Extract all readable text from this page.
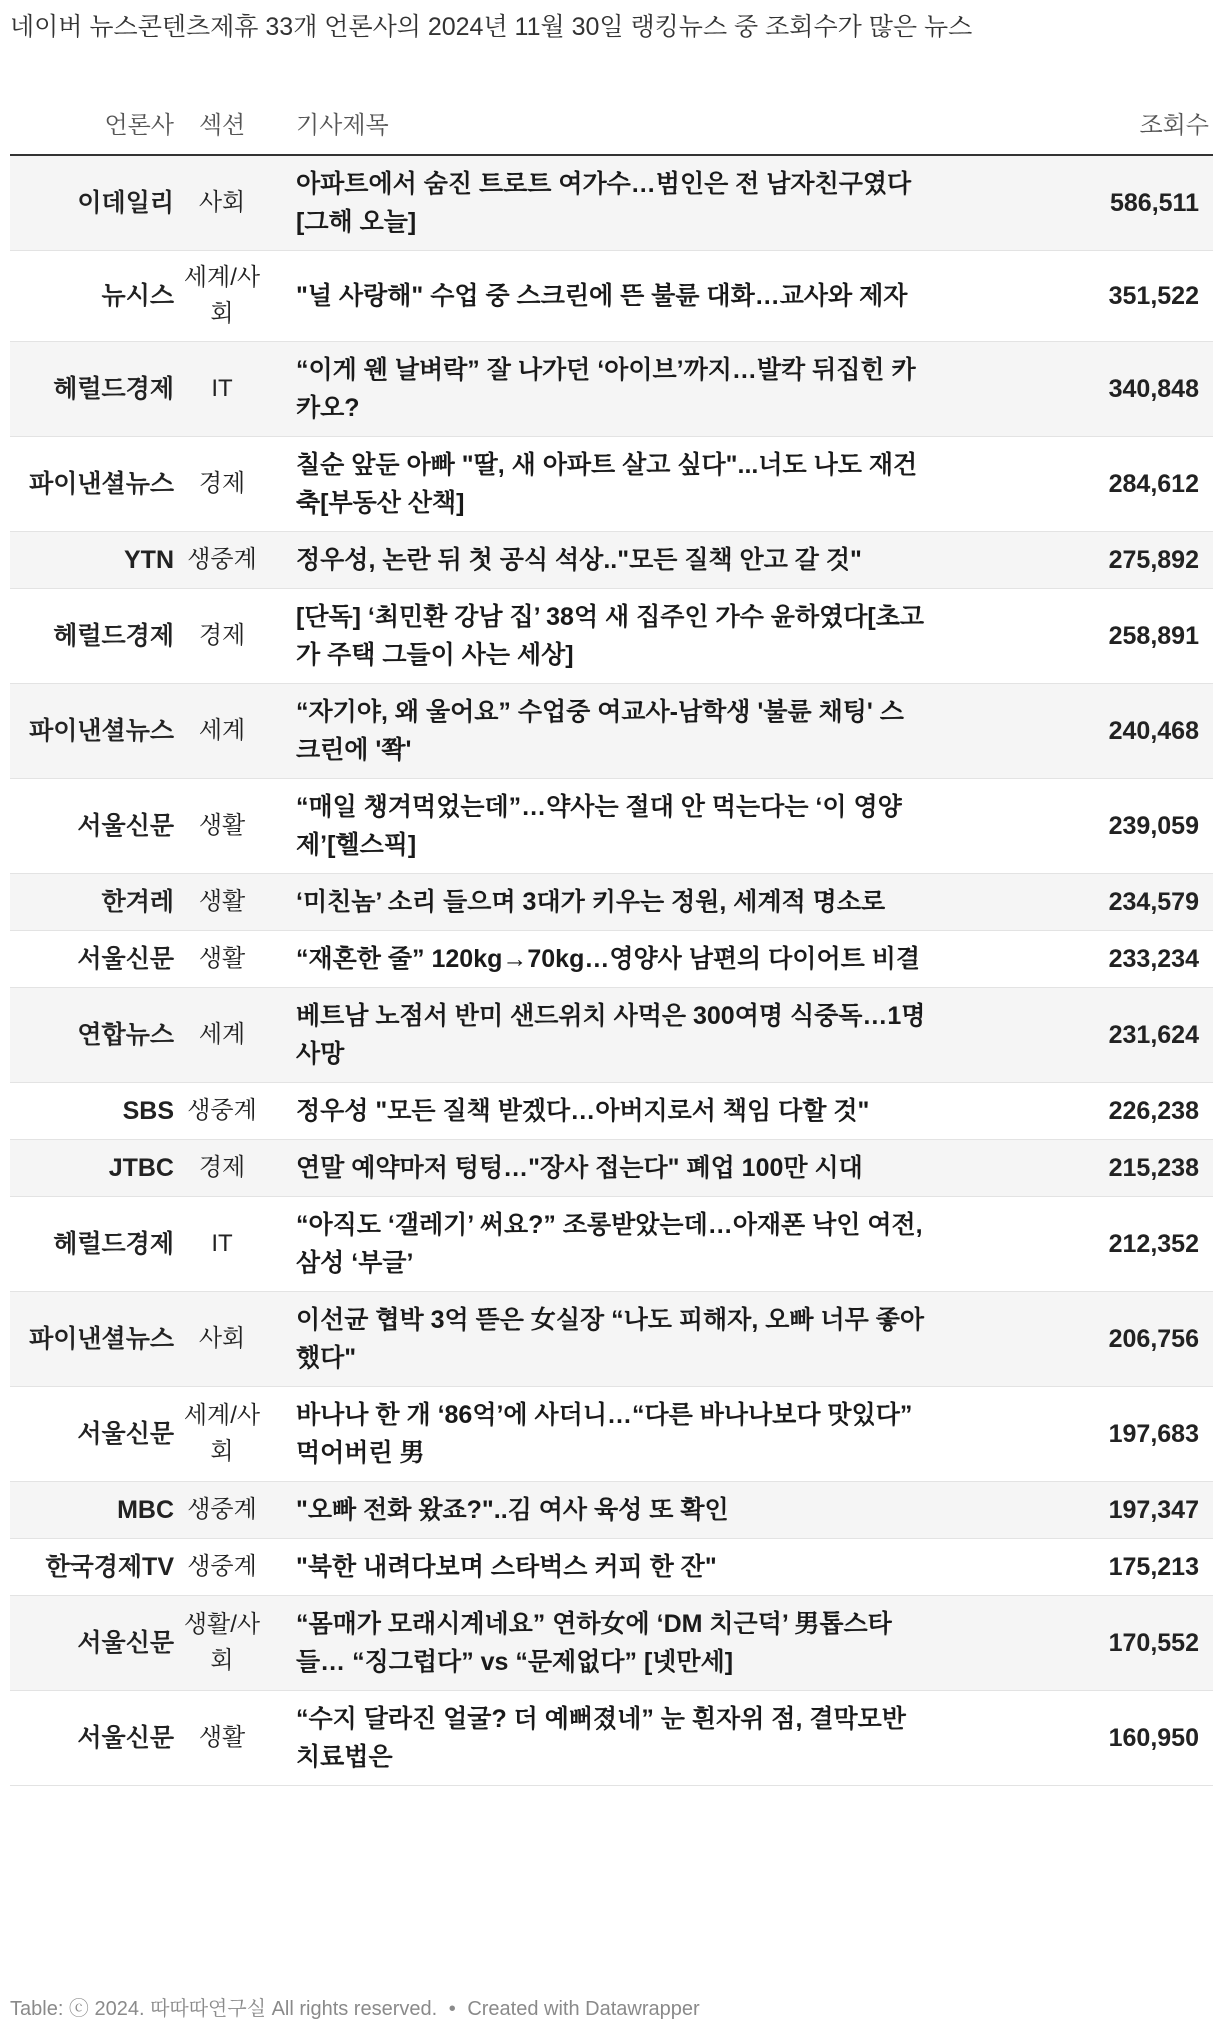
네이버 뉴스콘텐츠제휴 33개 언론사의 2024년 11월 30일 랭킹뉴스 중 조회수가 많은 뉴스
언론사	섹션	기사제목	조회수
이데일리	사회	아파트에서 숨진 트로트 여가수…범인은 전 남자친구였다 [그해 오늘]	586,511
뉴시스	세계/사회	"널 사랑해" 수업 중 스크린에 뜬 불륜 대화…교사와 제자	351,522
헤럴드경제	IT	“이게 웬 날벼락” 잘 나가던 ‘아이브’까지…발칵 뒤집힌 카카오?	340,848
파이낸셜뉴스	경제	칠순 앞둔 아빠 "딸, 새 아파트 살고 싶다"...너도 나도 재건축[부동산 산책]	284,612
YTN	생중계	정우성, 논란 뒤 첫 공식 석상.."모든 질책 안고 갈 것"	275,892
헤럴드경제	경제	[단독] ‘최민환 강남 집’ 38억 새 집주인 가수 윤하였다[초고가 주택 그들이 사는 세상]	258,891
파이낸셜뉴스	세계	“자기야, 왜 울어요” 수업중 여교사-남학생 '불륜 채팅' 스크린에 '쫙'	240,468
서울신문	생활	“매일 챙겨먹었는데”…약사는 절대 안 먹는다는 ‘이 영양제’[헬스픽]	239,059
한겨레	생활	‘미친놈’ 소리 들으며 3대가 키우는 정원, 세계적 명소로	234,579
서울신문	생활	“재혼한 줄” 120kg→70kg…영양사 남편의 다이어트 비결	233,234
연합뉴스	세계	베트남 노점서 반미 샌드위치 사먹은 300여명 식중독…1명 사망	231,624
SBS	생중계	정우성 "모든 질책 받겠다…아버지로서 책임 다할 것"	226,238
JTBC	경제	연말 예약마저 텅텅…"장사 접는다" 폐업 100만 시대	215,238
헤럴드경제	IT	“아직도 ‘갤레기’ 써요?” 조롱받았는데…아재폰 낙인 여전, 삼성 ‘부글’	212,352
파이낸셜뉴스	사회	이선균 협박 3억 뜯은 女실장 “나도 피해자, 오빠 너무 좋아했다"	206,756
서울신문	세계/사회	바나나 한 개 ‘86억’에 사더니…“다른 바나나보다 맛있다” 먹어버린 男	197,683
MBC	생중계	"오빠 전화 왔죠?"..김 여사 육성 또 확인	197,347
한국경제TV	생중계	"북한 내려다보며 스타벅스 커피 한 잔"	175,213
서울신문	생활/사회	“몸매가 모래시계네요” 연하女에 ‘DM 치근덕’ 男톱스타들… “징그럽다” vs “문제없다” [넷만세]	170,552
서울신문	생활	“수지 달라진 얼굴? 더 예뻐졌네” 눈 흰자위 점, 결막모반 치료법은	160,950
Table: ⓒ 2024. 따따따연구실 All rights reserved. • Created with Datawrapper
